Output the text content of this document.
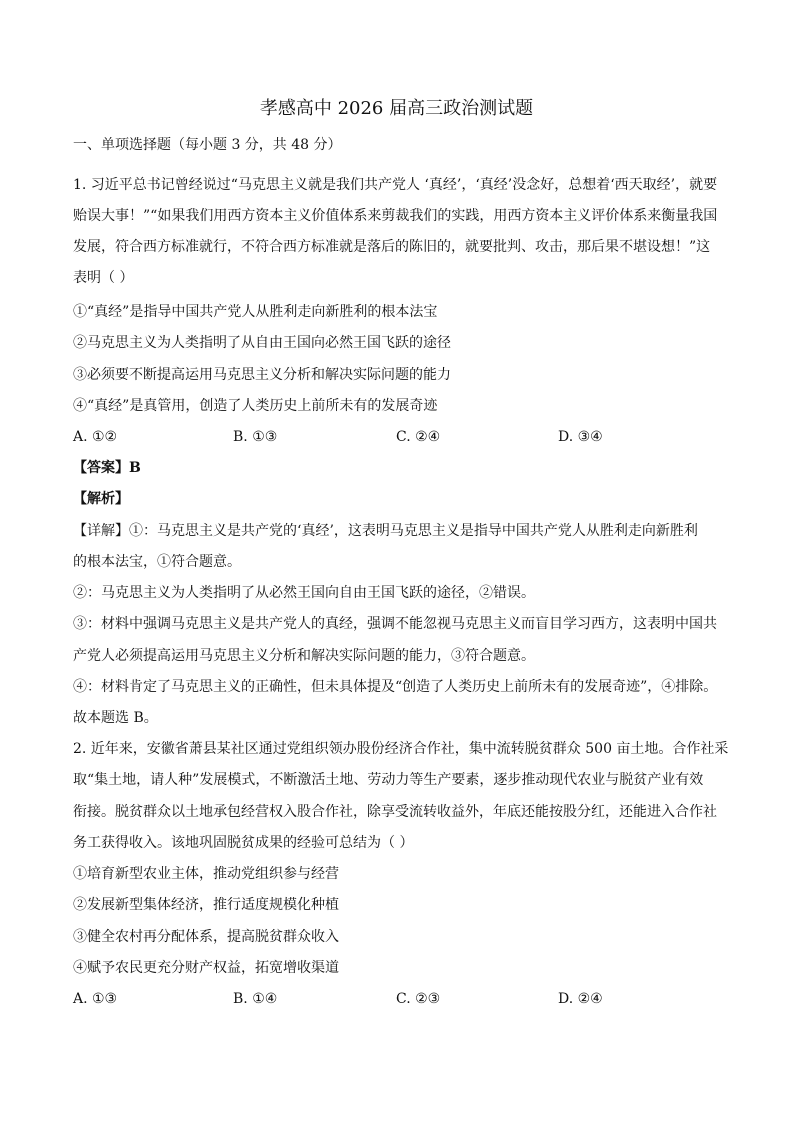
孝感高中 2026 届高三政治测试题
一、单项选择题（每小题 3 分，共 48 分）
1. 习近平总书记曾经说过“马克思主义就是我们共产党人 ‘真经’，‘真经’没念好，总想着‘西天取经’，就要贻误大事！”“如果我们用西方资本主义价值体系来剪裁我们的实践，用西方资本主义评价体系来衡量我国发展，符合西方标准就行，不符合西方标准就是落后的陈旧的，就要批判、攻击，那后果不堪设想！”这表明（ ）
①“真经”是指导中国共产党人从胜利走向新胜利的根本法宝
②马克思主义为人类指明了从自由王国向必然王国飞跃的途径
③必须要不断提高运用马克思主义分析和解决实际问题的能力
④“真经”是真管用，创造了人类历史上前所未有的发展奇迹
A. ①②	B. ①③	C. ②④	D. ③④
【答案】B
【解析】
【详解】①：马克思主义是共产党的‘真经’，这表明马克思主义是指导中国共产党人从胜利走向新胜利
的根本法宝，①符合题意。
②：马克思主义为人类指明了从必然王国向自由王国飞跃的途径，②错误。
③：材料中强调马克思主义是共产党人的真经，强调不能忽视马克思主义而盲目学习西方，这表明中国共
产党人必须提高运用马克思主义分析和解决实际问题的能力，③符合题意。
④：材料肯定了马克思主义的正确性，但未具体提及“创造了人类历史上前所未有的发展奇迹”，④排除。
故本题选 B。
2. 近年来，安徽省萧县某社区通过党组织领办股份经济合作社，集中流转脱贫群众 500 亩土地。合作社采
取“集土地，请人种”发展模式，不断激活土地、劳动力等生产要素，逐步推动现代农业与脱贫产业有效
衔接。脱贫群众以土地承包经营权入股合作社，除享受流转收益外，年底还能按股分红，还能进入合作社
务工获得收入。该地巩固脱贫成果的经验可总结为（ ）
①培育新型农业主体，推动党组织参与经营
②发展新型集体经济，推行适度规模化种植
③健全农村再分配体系，提高脱贫群众收入
④赋予农民更充分财产权益，拓宽增收渠道
A. ①③	B. ①④	C. ②③	D. ②④
